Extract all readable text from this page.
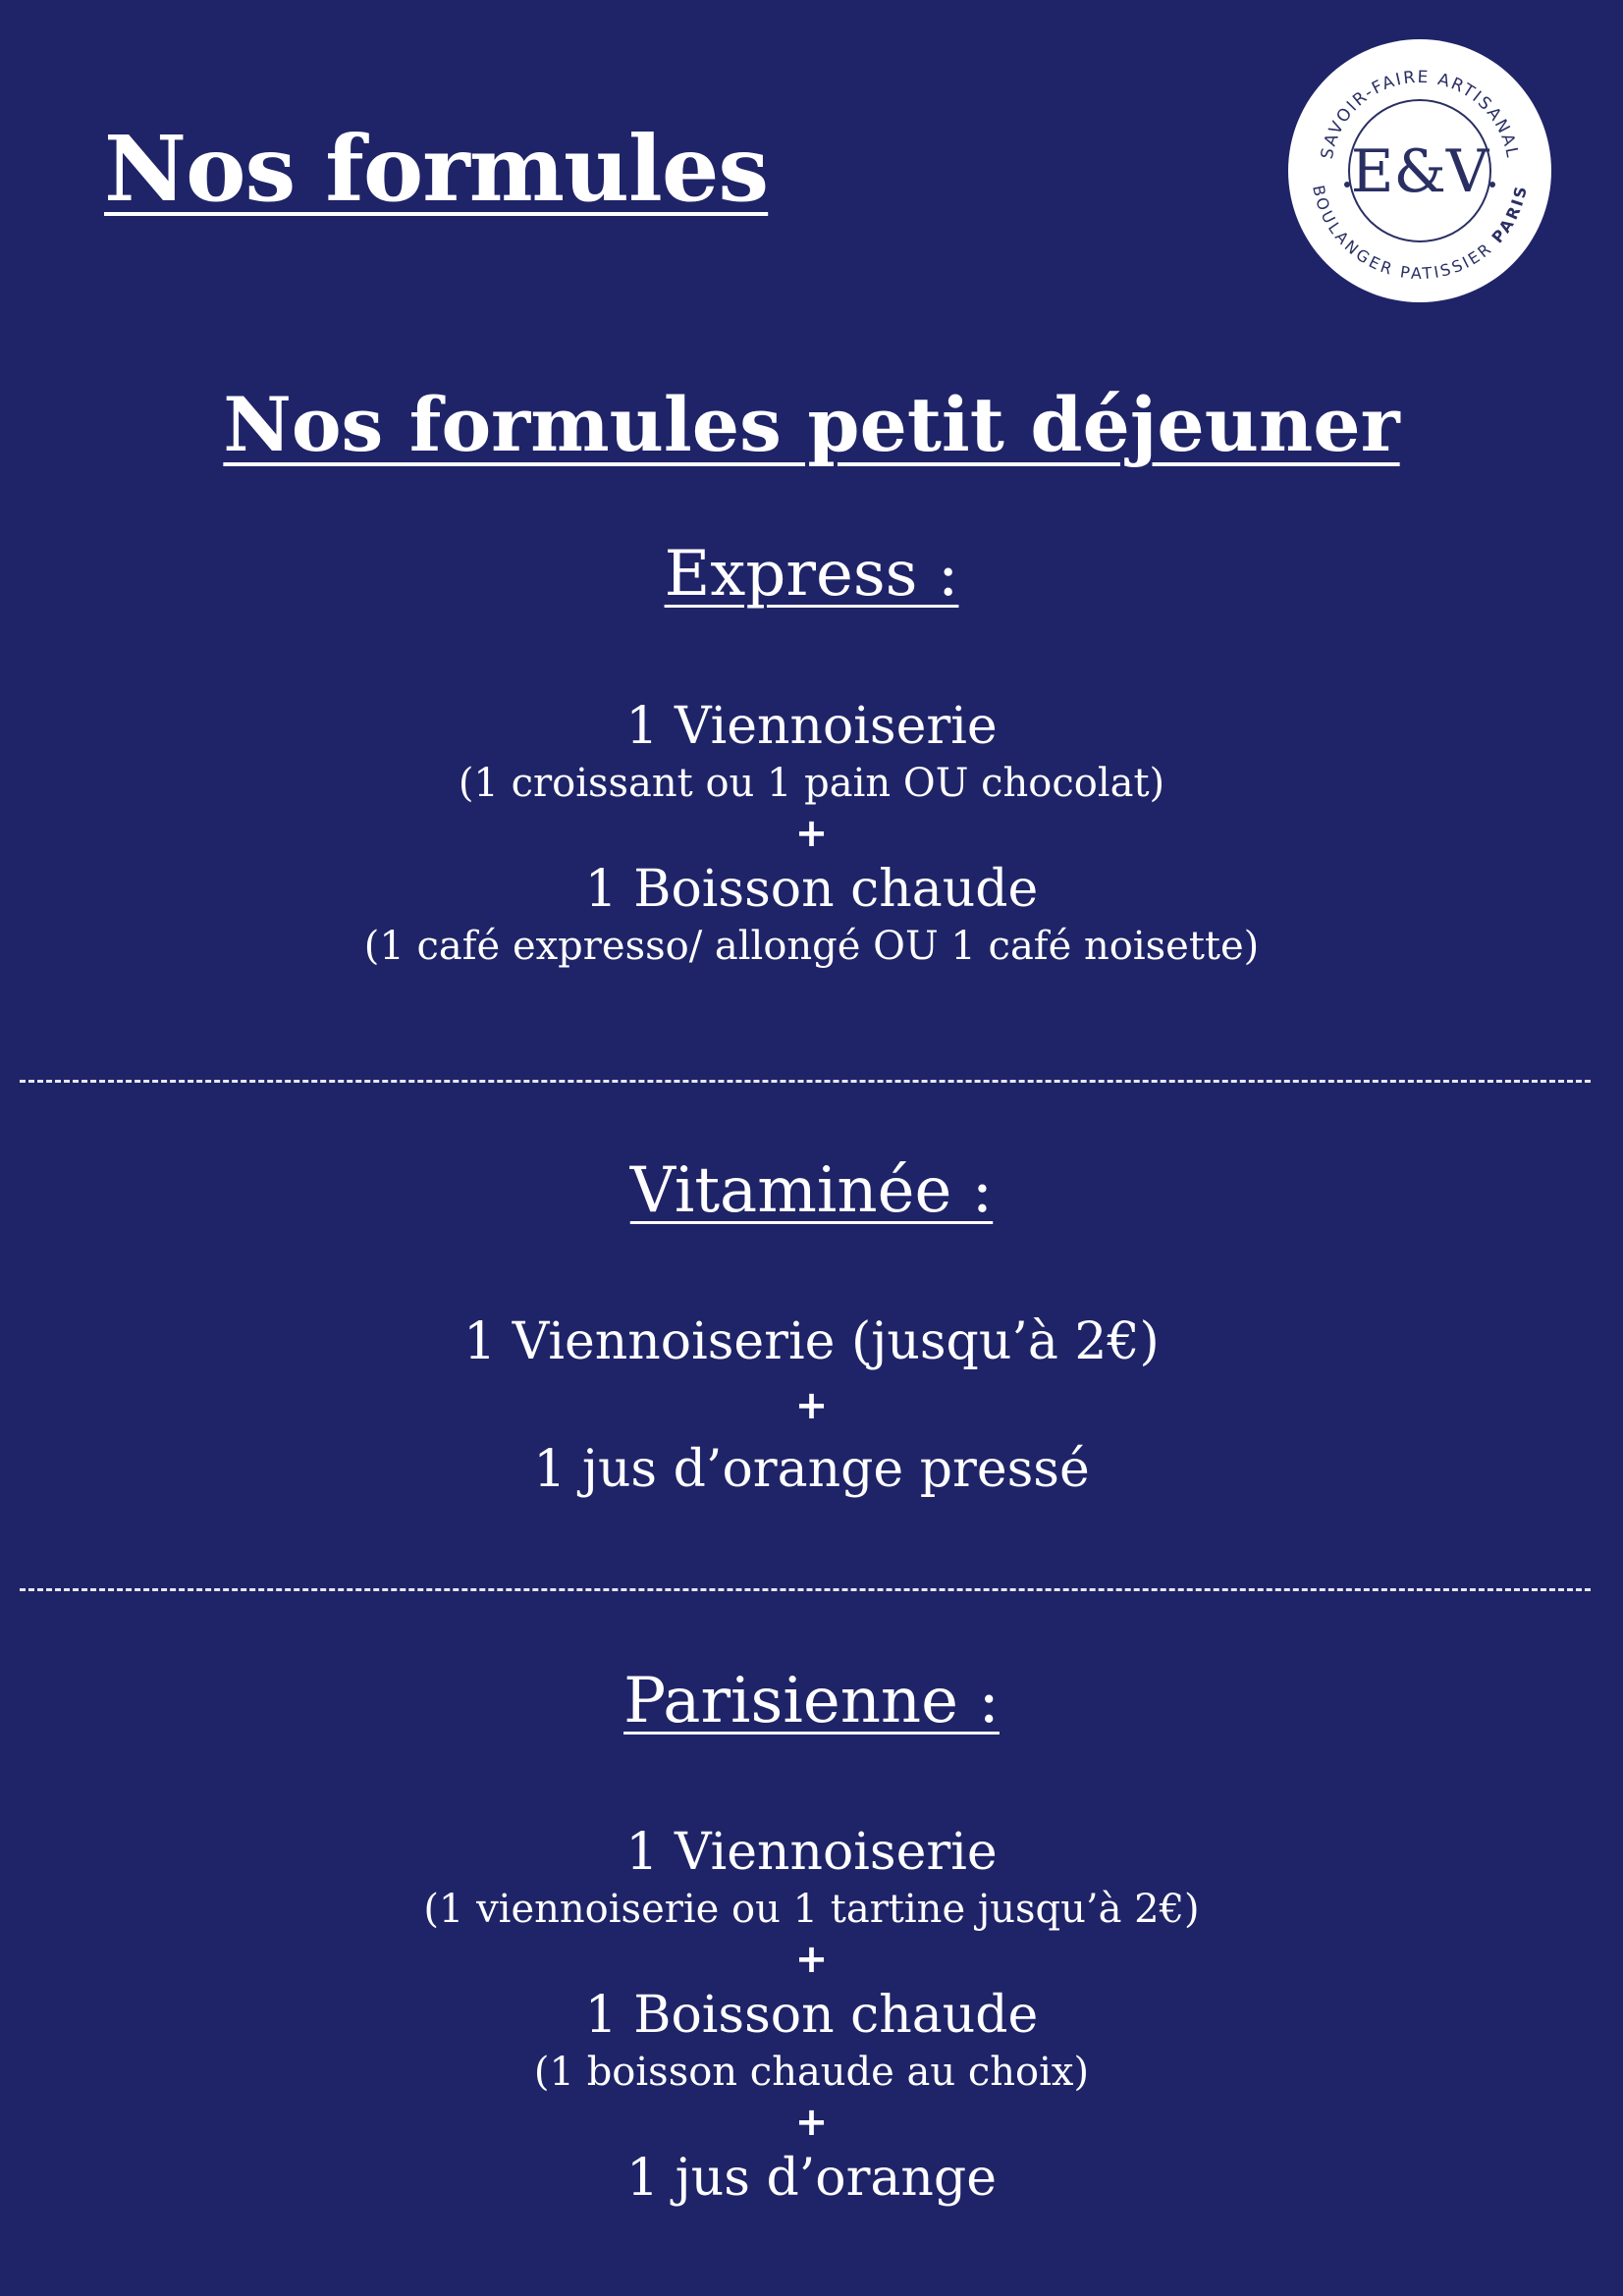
Nos formules	SAVOIR-FAIRE ARTISANAL
BOULANGER PATISSIER PARIS
E&V
Nos formules petit déjeuner
Express :
1 Viennoiserie
(1 croissant ou 1 pain OU chocolat)
+
1 Boisson chaude
(1 café expresso/ allongé OU 1 café noisette)
Vitaminée :
1 Viennoiserie (jusqu’à 2€)
+
1 jus d’orange pressé
Parisienne :
1 Viennoiserie
(1 viennoiserie ou 1 tartine jusqu’à 2€)
+
1 Boisson chaude
(1 boisson chaude au choix)
+
1 jus d’orange
